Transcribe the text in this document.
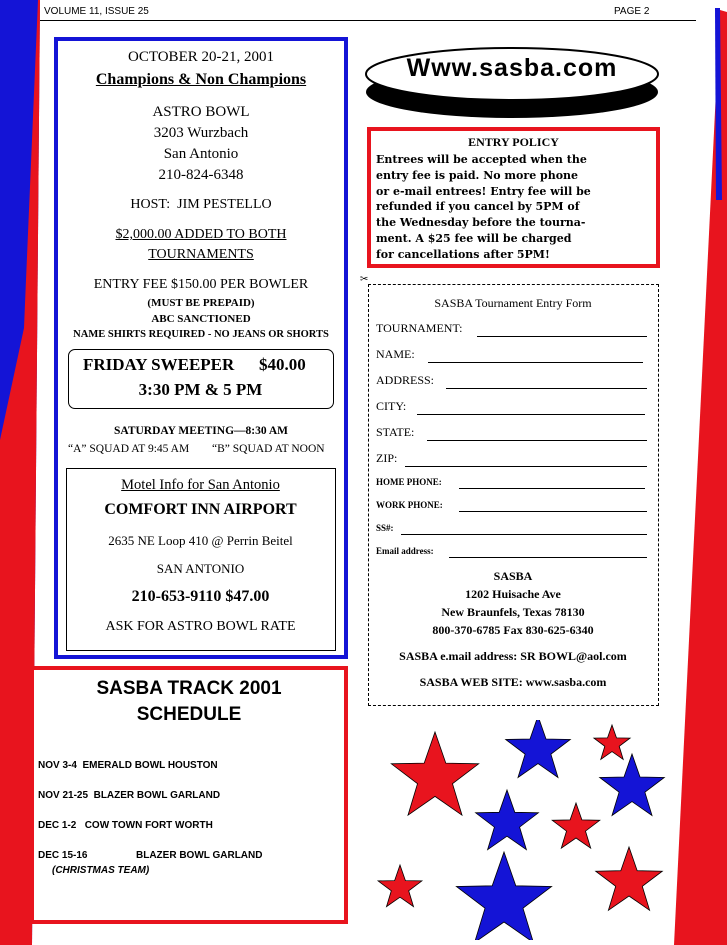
VOLUME 11, ISSUE 25	PAGE 2
OCTOBER 20-21, 2001
Champions & Non Champions
ASTRO BOWL
3203 Wurzbach
San Antonio
210-824-6348
HOST: JIM PESTELLO
$2,000.00 ADDED TO BOTH
TOURNAMENTS
ENTRY FEE $150.00 PER BOWLER
(MUST BE PREPAID)
ABC SANCTIONED
NAME SHIRTS REQUIRED - NO JEANS OR SHORTS
FRIDAY SWEEPER $40.00
3:30 PM & 5 PM
SATURDAY MEETING—8:30 AM
“A” SQUAD AT 9:45 AM “B” SQUAD AT NOON
Motel Info for San Antonio
COMFORT INN AIRPORT
2635 NE Loop 410 @ Perrin Beitel
SAN ANTONIO
210-653-9110 $47.00
ASK FOR ASTRO BOWL RATE
Www.sasba.com
ENTRY POLICY
Entrees will be accepted when the
entry fee is paid. No more phone
or e-mail entrees! Entry fee will be
refunded if you cancel by 5PM of
the Wednesday before the tourna-
ment. A $25 fee will be charged
for cancellations after 5PM!
✂
SASBA Tournament Entry Form
TOURNAMENT:
NAME:
ADDRESS:
CITY:
STATE:
ZIP:
HOME PHONE:
WORK PHONE:
SS#:
Email address:
SASBA
1202 Huisache Ave
New Braunfels, Texas 78130
800-370-6785 Fax 830-625-6340
SASBA e.mail address: SR BOWL@aol.com
SASBA WEB SITE: www.sasba.com
SASBA TRACK 2001
SCHEDULE
NOV 3-4 EMERALD BOWL HOUSTON
NOV 21-25 BLAZER BOWL GARLAND
DEC 1-2 COW TOWN FORT WORTH
DEC 15-16	BLAZER BOWL GARLAND
(CHRISTMAS TEAM)
